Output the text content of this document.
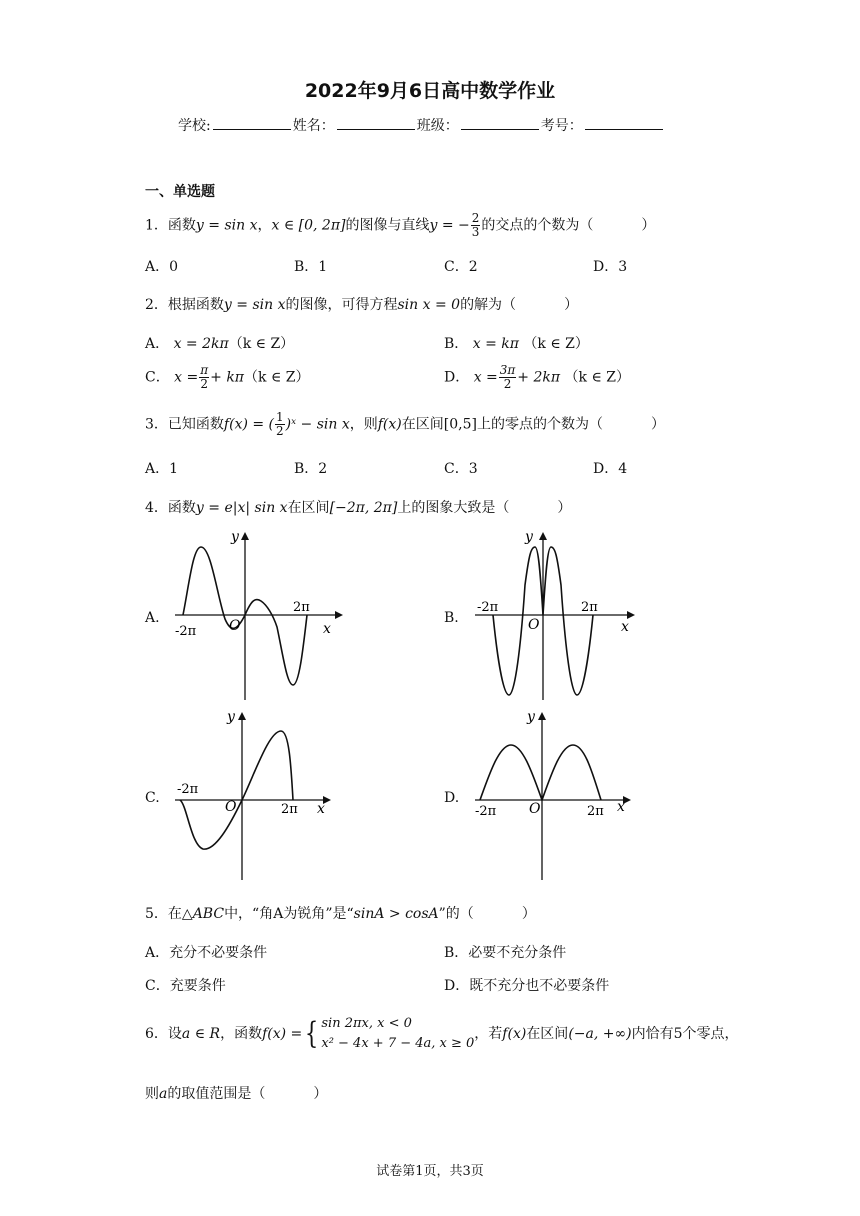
2022年9月6日高中数学作业
学校:	姓名：	班级：	考号：
一、单选题
1．函数y = sin x，x ∈ [0, 2π]的图像与直线y = − $\frac{2}{3}$ 的交点的个数为（	）
A．0	B．1	C．2	D．3
2．根据函数y = sin x的图像，可得方程sin x = 0的解为（	）
A． x = 2kπ（k ∈ Z）	B． x = kπ （k ∈ Z）
C． $x = \frac{\pi}{2} + k\pi(k$ ∈ Z）	D． $x = \frac{3\pi}{2} + 2k\pi$ （k ∈ Z）
3．已知函数f(x) = ( $\frac{1}{2}$ )ˣ − sin x，则f(x)在区间[0,5]上的零点的个数为（	）
A．1	B．2	C．3	D．4
4．函数y = e|x| sin x在区间[−2π, 2π]上的图象大致是（	）
A.
x
y
O
-2π
2π
B.
x
y
O
-2π	2π
C.
x
y
O
-2π
2π
D.
x
y
O
-2π	2π
5．在△ABC中，“角A为锐角”是“sinA > cosA”的（	）
A．充分不必要条件	B．必要不充分条件
C．充要条件	D．既不充分也不必要条件
6．设a ∈ R，函数f(x) ={ sin 2πx, x < 0
x² − 4x + 7 − 4a, x ≥ 0
，若f(x)在区间(−a, +∞)内恰有5个零点，
则a的取值范围是（	）
试卷第1页，共3页
